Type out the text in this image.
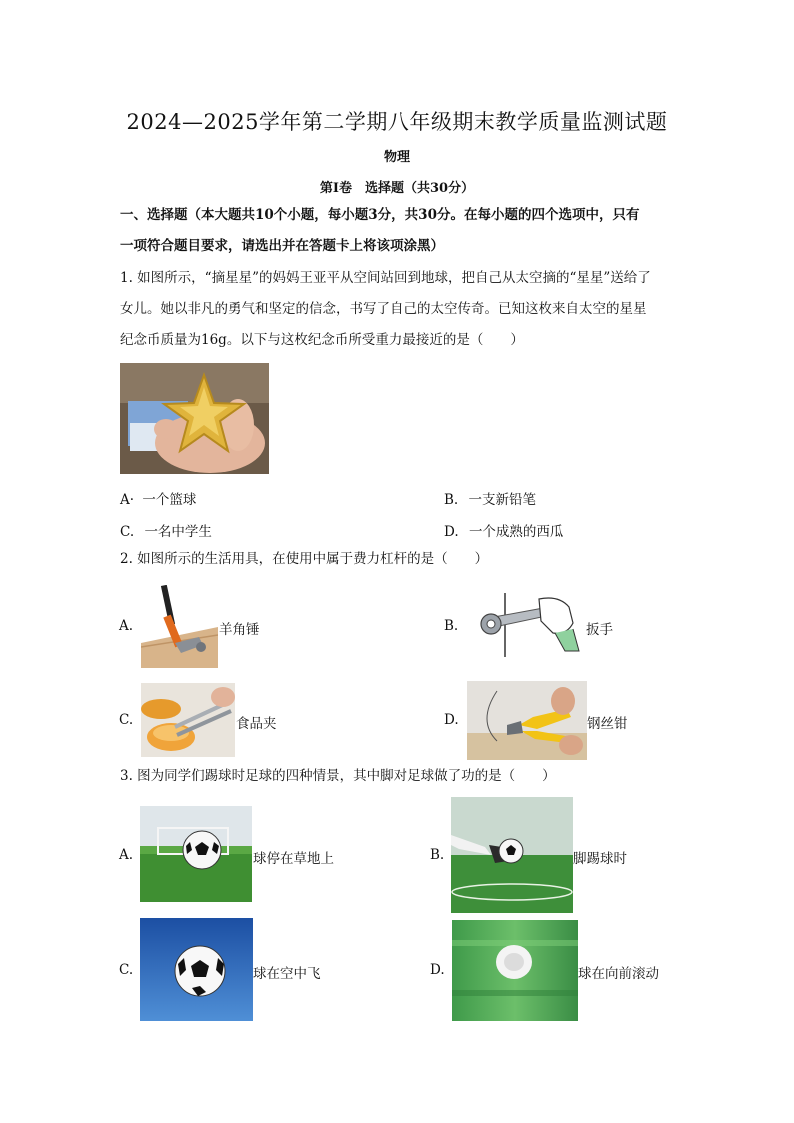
2024—2025学年第二学期八年级期末教学质量监测试题
物理
第Ⅰ卷　选择题（共30分）
一、选择题（本大题共10个小题，每小题3分，共30分。在每小题的四个选项中，只有
一项符合题目要求，请选出并在答题卡上将该项涂黑）
1. 如图所示，“摘星星”的妈妈王亚平从空间站回到地球，把自己从太空摘的“星星”送给了
女儿。她以非凡的勇气和坚定的信念，书写了自己的太空传奇。已知这枚来自太空的星星
纪念币质量为16g。以下与这枚纪念币所受重力最接近的是（　　）
A· 一个篮球	B. 一支新铅笔
C. 一名中学生	D. 一个成熟的西瓜
2. 如图所示的生活用具，在使用中属于费力杠杆的是（　　）
A.	羊角锤	B.	扳手
C.	食品夹	D.	钢丝钳
3. 图为同学们踢球时足球的四种情景，其中脚对足球做了功的是（　　）
A.	球停在草地上	B.	脚踢球时
C.	球在空中飞	D.	球在向前滚动
